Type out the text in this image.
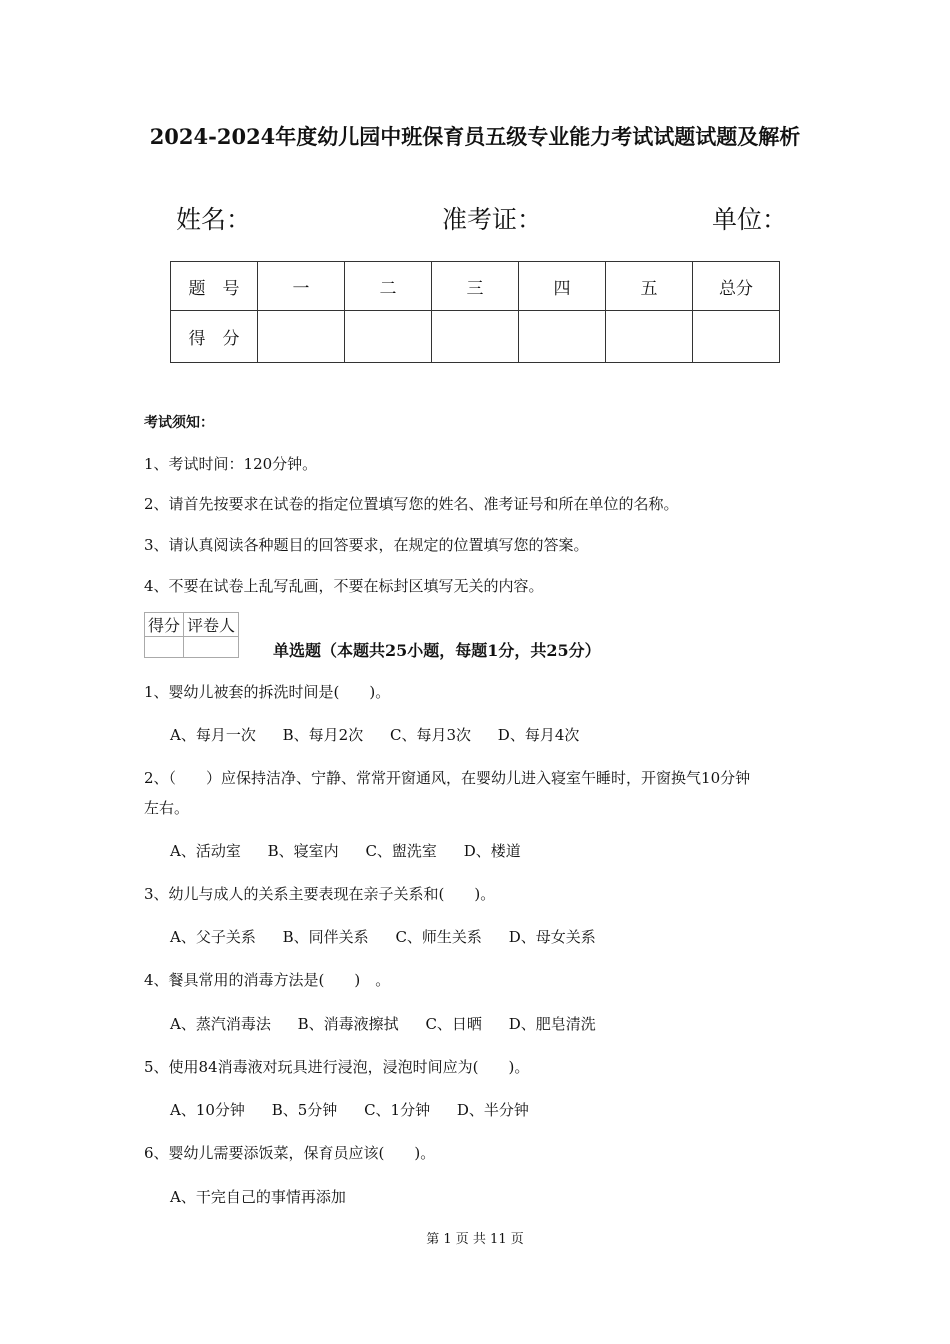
2024-2024年度幼儿园中班保育员五级专业能力考试试题试题及解析
姓名：	准考证：	单位：
题　号	一	二	三	四	五	总分
得　分						
考试须知：
1、考试时间：120分钟。
2、请首先按要求在试卷的指定位置填写您的姓名、准考证号和所在单位的名称。
3、请认真阅读各种题目的回答要求，在规定的位置填写您的答案。
4、不要在试卷上乱写乱画，不要在标封区填写无关的内容。
得分	评卷人

单选题（本题共25小题，每题1分，共25分）
1、婴幼儿被套的拆洗时间是(　　)。
A、每月一次 B、每月2次 C、每月3次 D、每月4次
2、（　　）应保持洁净、宁静、常常开窗通风，在婴幼儿进入寝室午睡时，开窗换气10分钟
左右。
A、活动室 B、寝室内 C、盥洗室 D、楼道
3、幼儿与成人的关系主要表现在亲子关系和(　　)。
A、父子关系 B、同伴关系 C、师生关系 D、母女关系
4、餐具常用的消毒方法是(　　)　。
A、蒸汽消毒法 B、消毒液擦拭 C、日晒 D、肥皂清洗
5、使用84消毒液对玩具进行浸泡，浸泡时间应为(　　)。
A、10分钟 B、5分钟 C、1分钟 D、半分钟
6、婴幼儿需要添饭菜，保育员应该(　　)。
A、干完自己的事情再添加
第 1 页 共 11 页
